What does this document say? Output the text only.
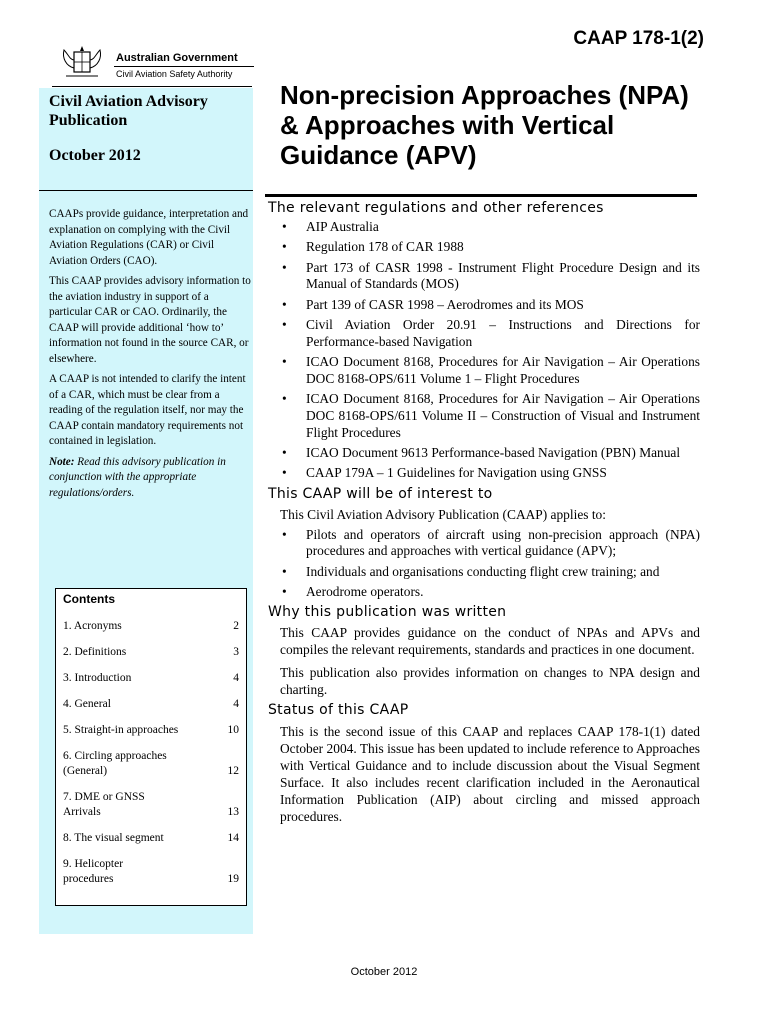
CAAP 178-1(2)
Australian Government
Civil Aviation Safety Authority
Civil Aviation Advisory Publication
October 2012

CAAPs provide guidance, interpretation and explanation on complying with the Civil Aviation Regulations (CAR) or Civil Aviation Orders (CAO).

This CAAP provides advisory information to the aviation industry in support of a particular CAR or CAO. Ordinarily, the CAAP will provide additional ‘how to’ information not found in the source CAR, or elsewhere.

A CAAP is not intended to clarify the intent of a CAR, which must be clear from a reading of the regulation itself, nor may the CAAP contain mandatory requirements not contained in legislation.

Note: Read this advisory publication in conjunction with the appropriate regulations/orders.

Contents
1. Acronyms	2
2. Definitions	3
3. Introduction	4
4. General	4
5. Straight-in approaches	10
6. Circling approaches (General)	12
7. DME or GNSS Arrivals	13
8. The visual segment	14
9. Helicopter procedures	19
Non-precision Approaches (NPA) & Approaches with Vertical Guidance (APV)
The relevant regulations and other references
• AIP Australia
• Regulation 178 of CAR 1988
• Part 173 of CASR 1998 - Instrument Flight Procedure Design and its Manual of Standards (MOS)
• Part 139 of CASR 1998 – Aerodromes and its MOS
• Civil Aviation Order 20.91 – Instructions and Directions for Performance-based Navigation
• ICAO Document 8168, Procedures for Air Navigation – Air Operations DOC 8168-OPS/611 Volume 1 – Flight Procedures
• ICAO Document 8168, Procedures for Air Navigation – Air Operations DOC 8168-OPS/611 Volume II – Construction of Visual and Instrument Flight Procedures
• ICAO Document 9613 Performance-based Navigation (PBN) Manual
• CAAP 179A – 1 Guidelines for Navigation using GNSS
This CAAP will be of interest to

This Civil Aviation Advisory Publication (CAAP) applies to:

• Pilots and operators of aircraft using non-precision approach (NPA) procedures and approaches with vertical guidance (APV);
• Individuals and organisations conducting flight crew training; and
• Aerodrome operators.
Why this publication was written

This CAAP provides guidance on the conduct of NPAs and APVs and compiles the relevant requirements, standards and practices in one document.

This publication also provides information on changes to NPA design and charting.

Status of this CAAP

This is the second issue of this CAAP and replaces CAAP 178-1(1) dated October 2004. This issue has been updated to include reference to Approaches with Vertical Guidance and to include discussion about the Visual Segment Surface. It also includes recent clarification included in the Aeronautical Information Publication (AIP) about circling and missed approach procedures.

October 2012
